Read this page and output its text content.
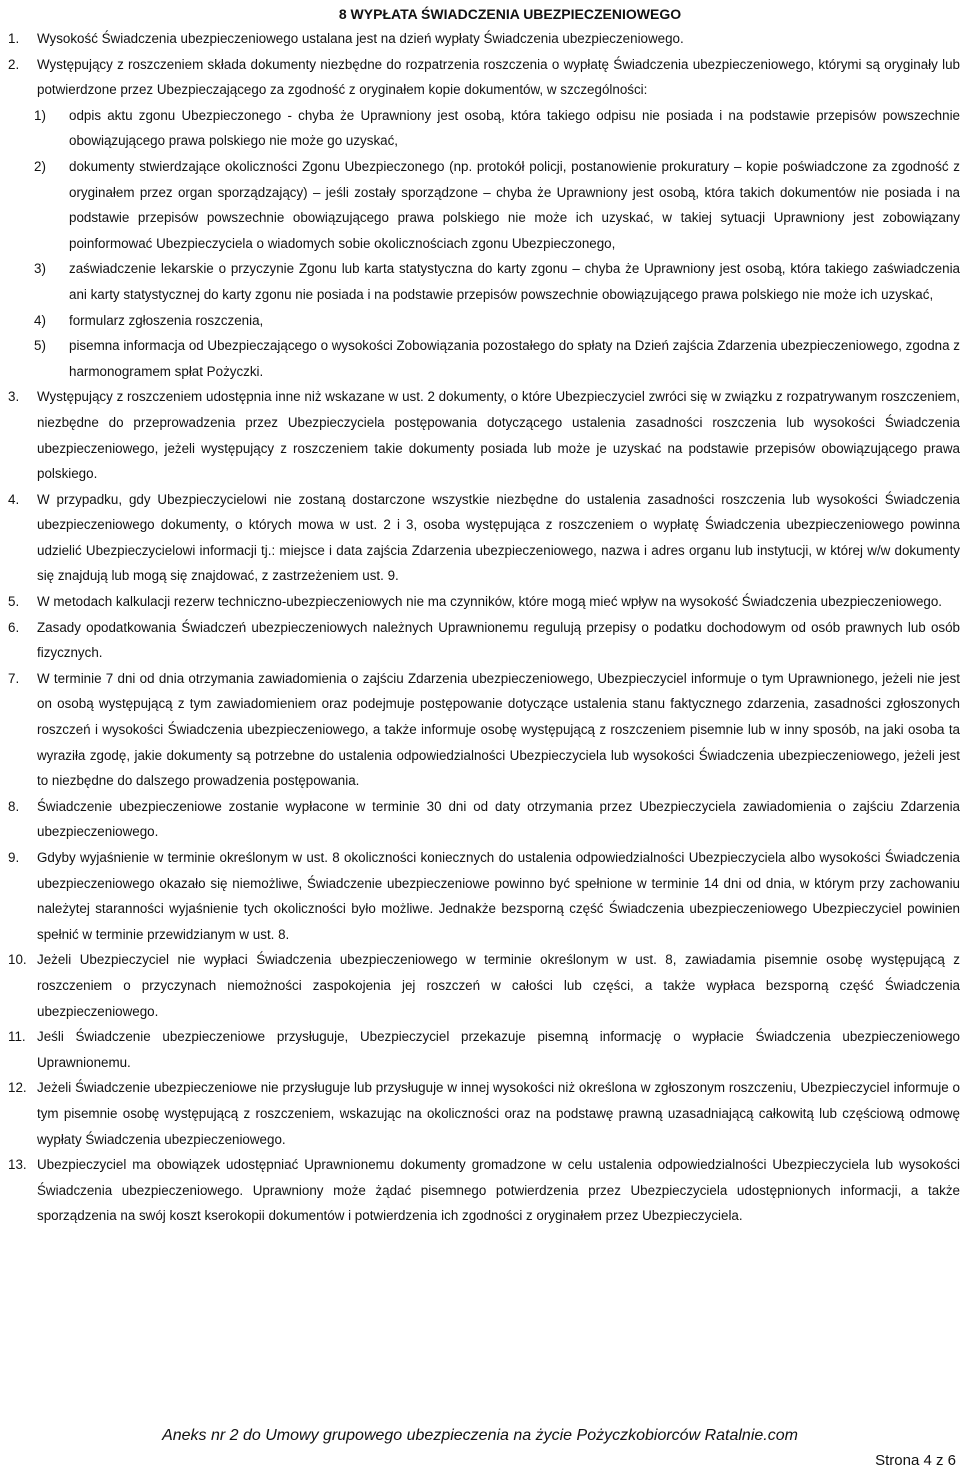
8 WYPŁATA ŚWIADCZENIA UBEZPIECZENIOWEGO
1. Wysokość Świadczenia ubezpieczeniowego ustalana jest na dzień wypłaty Świadczenia ubezpieczeniowego.
2. Występujący z roszczeniem składa dokumenty niezbędne do rozpatrzenia roszczenia o wypłatę Świadczenia ubezpieczeniowego, którymi są oryginały lub potwierdzone przez Ubezpieczającego za zgodność z oryginałem kopie dokumentów, w szczególności:
1) odpis aktu zgonu Ubezpieczonego - chyba że Uprawniony jest osobą, która takiego odpisu nie posiada i na podstawie przepisów powszechnie obowiązującego prawa polskiego nie może go uzyskać,
2) dokumenty stwierdzające okoliczności Zgonu Ubezpieczonego (np. protokół policji, postanowienie prokuratury – kopie poświadczone za zgodność z oryginałem przez organ sporządzający) – jeśli zostały sporządzone – chyba że Uprawniony jest osobą, która takich dokumentów nie posiada i na podstawie przepisów powszechnie obowiązującego prawa polskiego nie może ich uzyskać, w takiej sytuacji Uprawniony jest zobowiązany poinformować Ubezpieczyciela o wiadomych sobie okolicznościach zgonu Ubezpieczonego,
3) zaświadczenie lekarskie o przyczynie Zgonu lub karta statystyczna do karty zgonu – chyba że Uprawniony jest osobą, która takiego zaświadczenia ani karty statystycznej do karty zgonu nie posiada i na podstawie przepisów powszechnie obowiązującego prawa polskiego nie może ich uzyskać,
4) formularz zgłoszenia roszczenia,
5) pisemna informacja od Ubezpieczającego o wysokości Zobowiązania pozostałego do spłaty na Dzień zajścia Zdarzenia ubezpieczeniowego, zgodna z harmonogramem spłat Pożyczki.
3. Występujący z roszczeniem udostępnia inne niż wskazane w ust. 2 dokumenty, o które Ubezpieczyciel zwróci się w związku z rozpatrywanym roszczeniem, niezbędne do przeprowadzenia przez Ubezpieczyciela postępowania dotyczącego ustalenia zasadności roszczenia lub wysokości Świadczenia ubezpieczeniowego, jeżeli występujący z roszczeniem takie dokumenty posiada lub może je uzyskać na podstawie przepisów obowiązującego prawa polskiego.
4. W przypadku, gdy Ubezpieczycielowi nie zostaną dostarczone wszystkie niezbędne do ustalenia zasadności roszczenia lub wysokości Świadczenia ubezpieczeniowego dokumenty, o których mowa w ust. 2 i 3, osoba występująca z roszczeniem o wypłatę Świadczenia ubezpieczeniowego powinna udzielić Ubezpieczycielowi informacji tj.: miejsce i data zajścia Zdarzenia ubezpieczeniowego, nazwa i adres organu lub instytucji, w której w/w dokumenty się znajdują lub mogą się znajdować, z zastrzeżeniem ust. 9.
5. W metodach kalkulacji rezerw techniczno-ubezpieczeniowych nie ma czynników, które mogą mieć wpływ na wysokość Świadczenia ubezpieczeniowego.
6. Zasady opodatkowania Świadczeń ubezpieczeniowych należnych Uprawnionemu regulują przepisy o podatku dochodowym od osób prawnych lub osób fizycznych.
7. W terminie 7 dni od dnia otrzymania zawiadomienia o zajściu Zdarzenia ubezpieczeniowego, Ubezpieczyciel informuje o tym Uprawnionego, jeżeli nie jest on osobą występującą z tym zawiadomieniem oraz podejmuje postępowanie dotyczące ustalenia stanu faktycznego zdarzenia, zasadności zgłoszonych roszczeń i wysokości Świadczenia ubezpieczeniowego, a także informuje osobę występującą z roszczeniem pisemnie lub w inny sposób, na jaki osoba ta wyraziła zgodę, jakie dokumenty są potrzebne do ustalenia odpowiedzialności Ubezpieczyciela lub wysokości Świadczenia ubezpieczeniowego, jeżeli jest to niezbędne do dalszego prowadzenia postępowania.
8. Świadczenie ubezpieczeniowe zostanie wypłacone w terminie 30 dni od daty otrzymania przez Ubezpieczyciela zawiadomienia o zajściu Zdarzenia ubezpieczeniowego.
9. Gdyby wyjaśnienie w terminie określonym w ust. 8 okoliczności koniecznych do ustalenia odpowiedzialności Ubezpieczyciela albo wysokości Świadczenia ubezpieczeniowego okazało się niemożliwe, Świadczenie ubezpieczeniowe powinno być spełnione w terminie 14 dni od dnia, w którym przy zachowaniu należytej staranności wyjaśnienie tych okoliczności było możliwe. Jednakże bezsporną część Świadczenia ubezpieczeniowego Ubezpieczyciel powinien spełnić w terminie przewidzianym w ust. 8.
10. Jeżeli Ubezpieczyciel nie wypłaci Świadczenia ubezpieczeniowego w terminie określonym w ust. 8, zawiadamia pisemnie osobę występującą z roszczeniem o przyczynach niemożności zaspokojenia jej roszczeń w całości lub części, a także wypłaca bezsporną część Świadczenia ubezpieczeniowego.
11. Jeśli Świadczenie ubezpieczeniowe przysługuje, Ubezpieczyciel przekazuje pisemną informację o wypłacie Świadczenia ubezpieczeniowego Uprawnionemu.
12. Jeżeli Świadczenie ubezpieczeniowe nie przysługuje lub przysługuje w innej wysokości niż określona w zgłoszonym roszczeniu, Ubezpieczyciel informuje o tym pisemnie osobę występującą z roszczeniem, wskazując na okoliczności oraz na podstawę prawną uzasadniającą całkowitą lub częściową odmowę wypłaty Świadczenia ubezpieczeniowego.
13. Ubezpieczyciel ma obowiązek udostępniać Uprawnionemu dokumenty gromadzone w celu ustalenia odpowiedzialności Ubezpieczyciela lub wysokości Świadczenia ubezpieczeniowego. Uprawniony może żądać pisemnego potwierdzenia przez Ubezpieczyciela udostępnionych informacji, a także sporządzenia na swój koszt kserokopii dokumentów i potwierdzenia ich zgodności z oryginałem przez Ubezpieczyciela.
Aneks nr 2 do Umowy grupowego ubezpieczenia na życie Pożyczkobiorców Ratalnie.com
Strona 4 z 6
